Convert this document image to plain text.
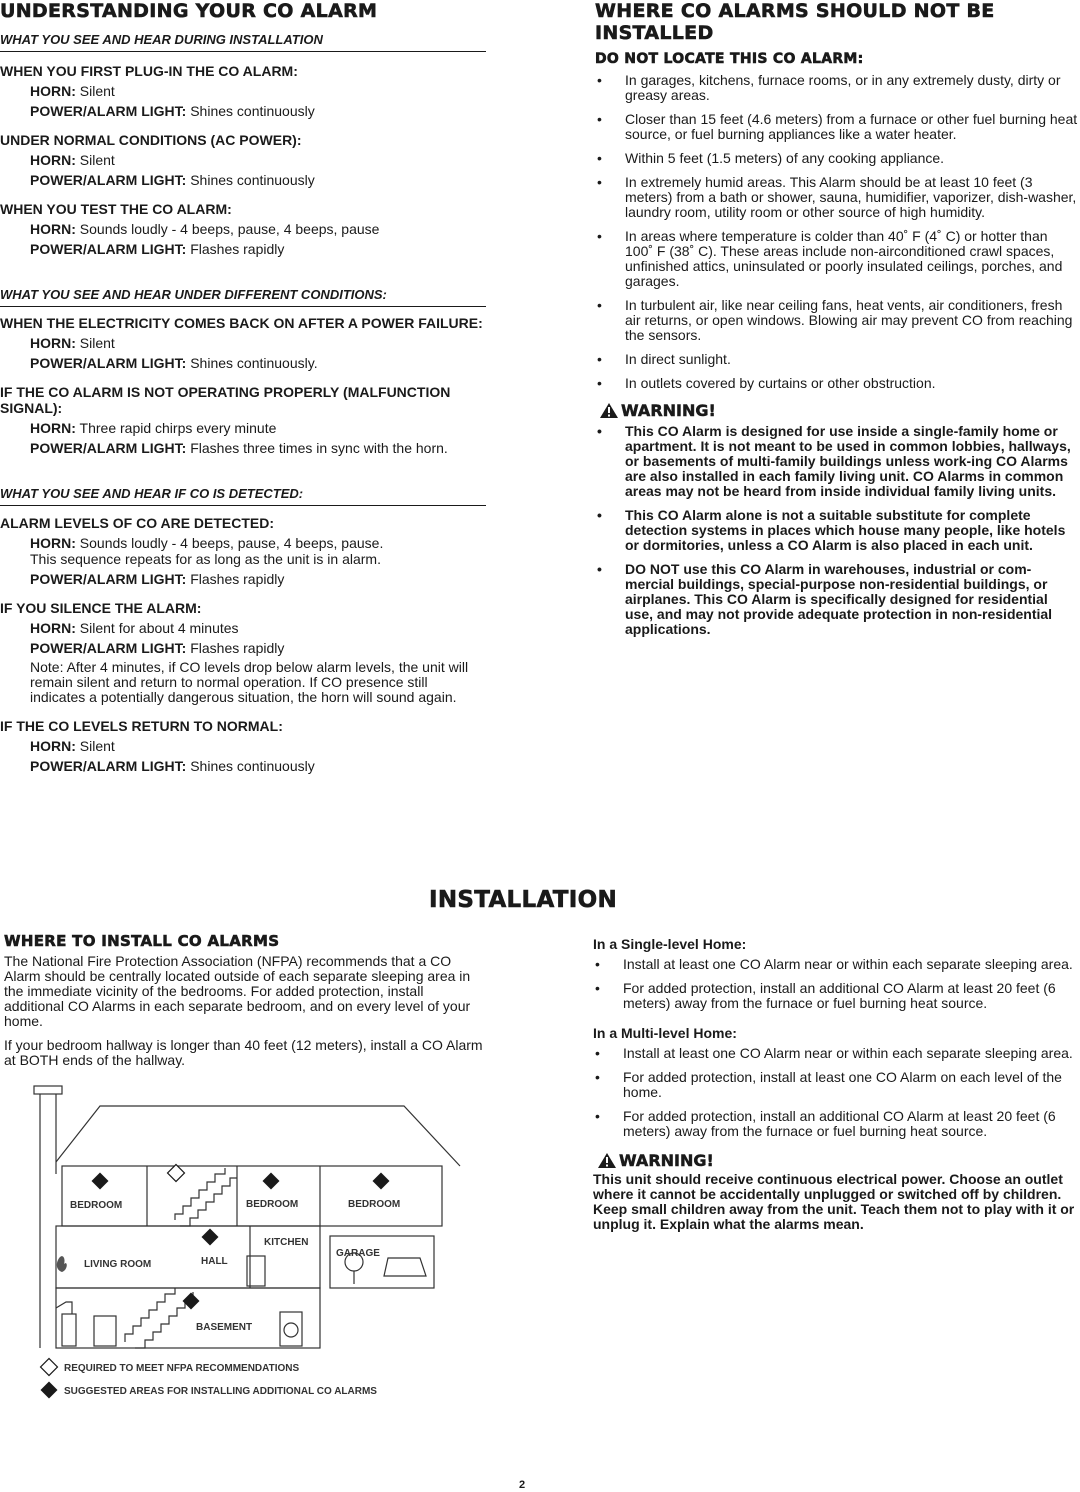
UNDERSTANDING YOUR CO ALARM
WHAT YOU SEE AND HEAR DURING INSTALLATION
WHEN YOU FIRST PLUG-IN THE CO ALARM:
HORN: Silent
POWER/ALARM LIGHT: Shines continuously
UNDER NORMAL CONDITIONS (AC POWER):
HORN: Silent
POWER/ALARM LIGHT: Shines continuously
WHEN YOU TEST THE CO ALARM:
HORN: Sounds loudly - 4 beeps, pause, 4 beeps, pause
POWER/ALARM LIGHT: Flashes rapidly
WHAT YOU SEE AND HEAR UNDER DIFFERENT CONDITIONS:
WHEN THE ELECTRICITY COMES BACK ON AFTER A POWER FAILURE:
HORN: Silent
POWER/ALARM LIGHT: Shines continuously.
IF THE CO ALARM IS NOT OPERATING PROPERLY (MALFUNCTION SIGNAL):
HORN: Three rapid chirps every minute
POWER/ALARM LIGHT: Flashes three times in sync with the horn.
WHAT YOU SEE AND HEAR IF CO IS DETECTED:
ALARM LEVELS OF CO ARE DETECTED:
HORN: Sounds loudly - 4 beeps, pause, 4 beeps, pause.
This sequence repeats for as long as the unit is in alarm.
POWER/ALARM LIGHT: Flashes rapidly
IF YOU SILENCE THE ALARM:
HORN: Silent for about 4 minutes
POWER/ALARM LIGHT: Flashes rapidly
Note: After 4 minutes, if CO levels drop below alarm levels, the unit will remain silent and return to normal operation. If CO presence still indicates a potentially dangerous situation, the horn will sound again.
IF THE CO LEVELS RETURN TO NORMAL:
HORN: Silent
POWER/ALARM LIGHT: Shines continuously
WHERE CO ALARMS SHOULD NOT BE INSTALLED
DO NOT LOCATE THIS CO ALARM:
• In garages, kitchens, furnace rooms, or in any extremely dusty, dirty or greasy areas.
• Closer than 15 feet (4.6 meters) from a furnace or other fuel burning heat source, or fuel burning appliances like a water heater.
• Within 5 feet (1.5 meters) of any cooking appliance.
• In extremely humid areas. This Alarm should be at least 10 feet (3 meters) from a bath or shower, sauna, humidifier, vaporizer, dish-washer, laundry room, utility room or other source of high humidity.
• In areas where temperature is colder than 40˚ F (4˚ C) or hotter than 100˚ F (38˚ C). These areas include non-airconditioned crawl spaces, unfinished attics, uninsulated or poorly insulated ceilings, porches, and garages.
• In turbulent air, like near ceiling fans, heat vents, air conditioners, fresh air returns, or open windows. Blowing air may prevent CO from reaching the sensors.
• In direct sunlight.
• In outlets covered by curtains or other obstruction.
WARNING!
• This CO Alarm is designed for use inside a single-family home or apartment. It is not meant to be used in common lobbies, hallways, or basements of multi-family buildings unless work-ing CO Alarms are also installed in each family living unit. CO Alarms in common areas may not be heard from inside individual family living units.
• This CO Alarm alone is not a suitable substitute for complete detection systems in places which house many people, like hotels or dormitories, unless a CO Alarm is also placed in each unit.
• DO NOT use this CO Alarm in warehouses, industrial or com-mercial buildings, special-purpose non-residential buildings, or airplanes. This CO Alarm is specifically designed for residential use, and may not provide adequate protection in non-residential applications.
INSTALLATION
WHERE TO INSTALL CO ALARMS
The National Fire Protection Association (NFPA) recommends that a CO Alarm should be centrally located outside of each separate sleeping area in the immediate vicinity of the bedrooms. For added protection, install additional CO Alarms in each separate bedroom, and on every level of your home.
If your bedroom hallway is longer than 40 feet (12 meters), install a CO Alarm at BOTH ends of the hallway.
In a Single-level Home:
• Install at least one CO Alarm near or within each separate sleeping area.
• For added protection, install an additional CO Alarm at least 20 feet (6 meters) away from the furnace or fuel burning heat source.
In a Multi-level Home:
• Install at least one CO Alarm near or within each separate sleeping area.
• For added protection, install at least one CO Alarm on each level of the home.
• For added protection, install an additional CO Alarm at least 20 feet (6 meters) away from the furnace or fuel burning heat source.
WARNING!
This unit should receive continuous electrical power. Choose an outlet where it cannot be accidentally unplugged or switched off by children. Keep small children away from the unit. Teach them not to play with it or unplug it. Explain what the alarms mean.
BEDROOM	BEDROOM	BEDROOM
LIVING ROOM	HALL
KITCHEN
GARAGE
BASEMENT
REQUIRED TO MEET NFPA RECOMMENDATIONS
SUGGESTED AREAS FOR INSTALLING ADDITIONAL CO ALARMS
2
